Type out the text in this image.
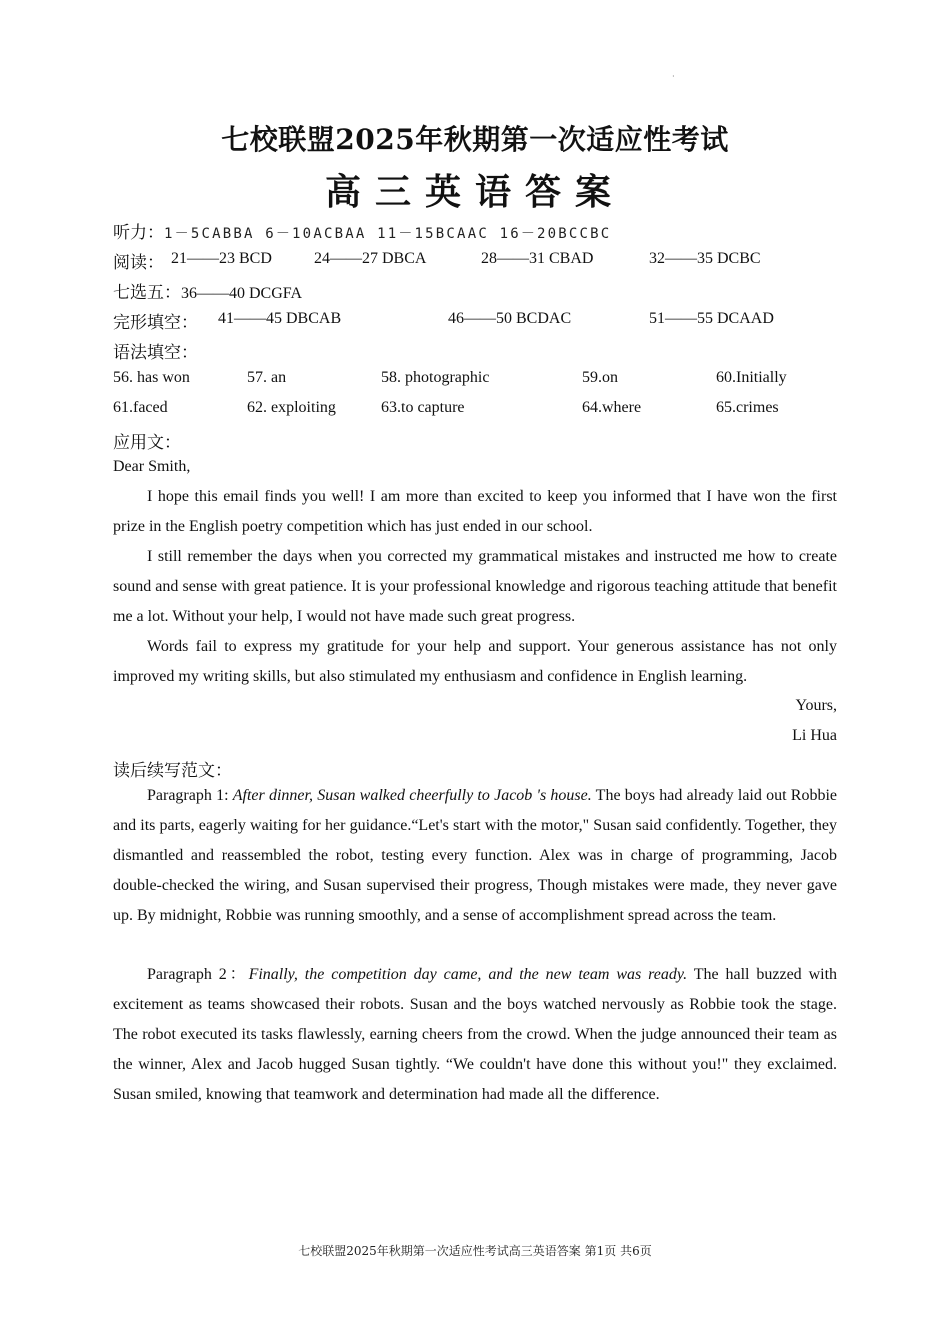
·
七校联盟2025年秋期第一次适应性考试
高三英语答案
听力：1－5CABBA 6－10ACBAA 11－15BCAAC 16－20BCCBC
阅读： 21——23 BCD	24——27 DBCA	28——31 CBAD	32——35 DCBC
七选五：36——40 DCGFA
完形填空： 41——45 DBCAB	46——50 BCDAC	51——55 DCAAD
语法填空：
56. has won	57. an	58. photographic	59.on	60.Initially
61.faced	62. exploiting	63.to capture	64.where	65.crimes
应用文：
Dear Smith,
I hope this email finds you well! I am more than excited to keep you informed that I have won the first prize in the English poetry competition which has just ended in our school.
I still remember the days when you corrected my grammatical mistakes and instructed me how to create sound and sense with great patience. It is your professional knowledge and rigorous teaching attitude that benefit me a lot. Without your help, I would not have made such great progress.
Words fail to express my gratitude for your help and support. Your generous assistance has not only improved my writing skills, but also stimulated my enthusiasm and confidence in English learning.
Yours,
Li Hua
读后续写范文：
Paragraph 1: After dinner, Susan walked cheerfully to Jacob 's house. The boys had already laid out Robbie and its parts, eagerly waiting for her guidance.“Let's start with the motor," Susan said confidently. Together, they dismantled and reassembled the robot, testing every function. Alex was in charge of programming, Jacob double-checked the wiring, and Susan supervised their progress, Though mistakes were made, they never gave up. By midnight, Robbie was running smoothly, and a sense of accomplishment spread across the team.
Paragraph 2：Finally, the competition day came, and the new team was ready. The hall buzzed with excitement as teams showcased their robots. Susan and the boys watched nervously as Robbie took the stage. The robot executed its tasks flawlessly, earning cheers from the crowd. When the judge announced their team as the winner, Alex and Jacob hugged Susan tightly. “We couldn't have done this without you!" they exclaimed. Susan smiled, knowing that teamwork and determination had made all the difference.
七校联盟2025年秋期第一次适应性考试高三英语答案 第1页 共6页
